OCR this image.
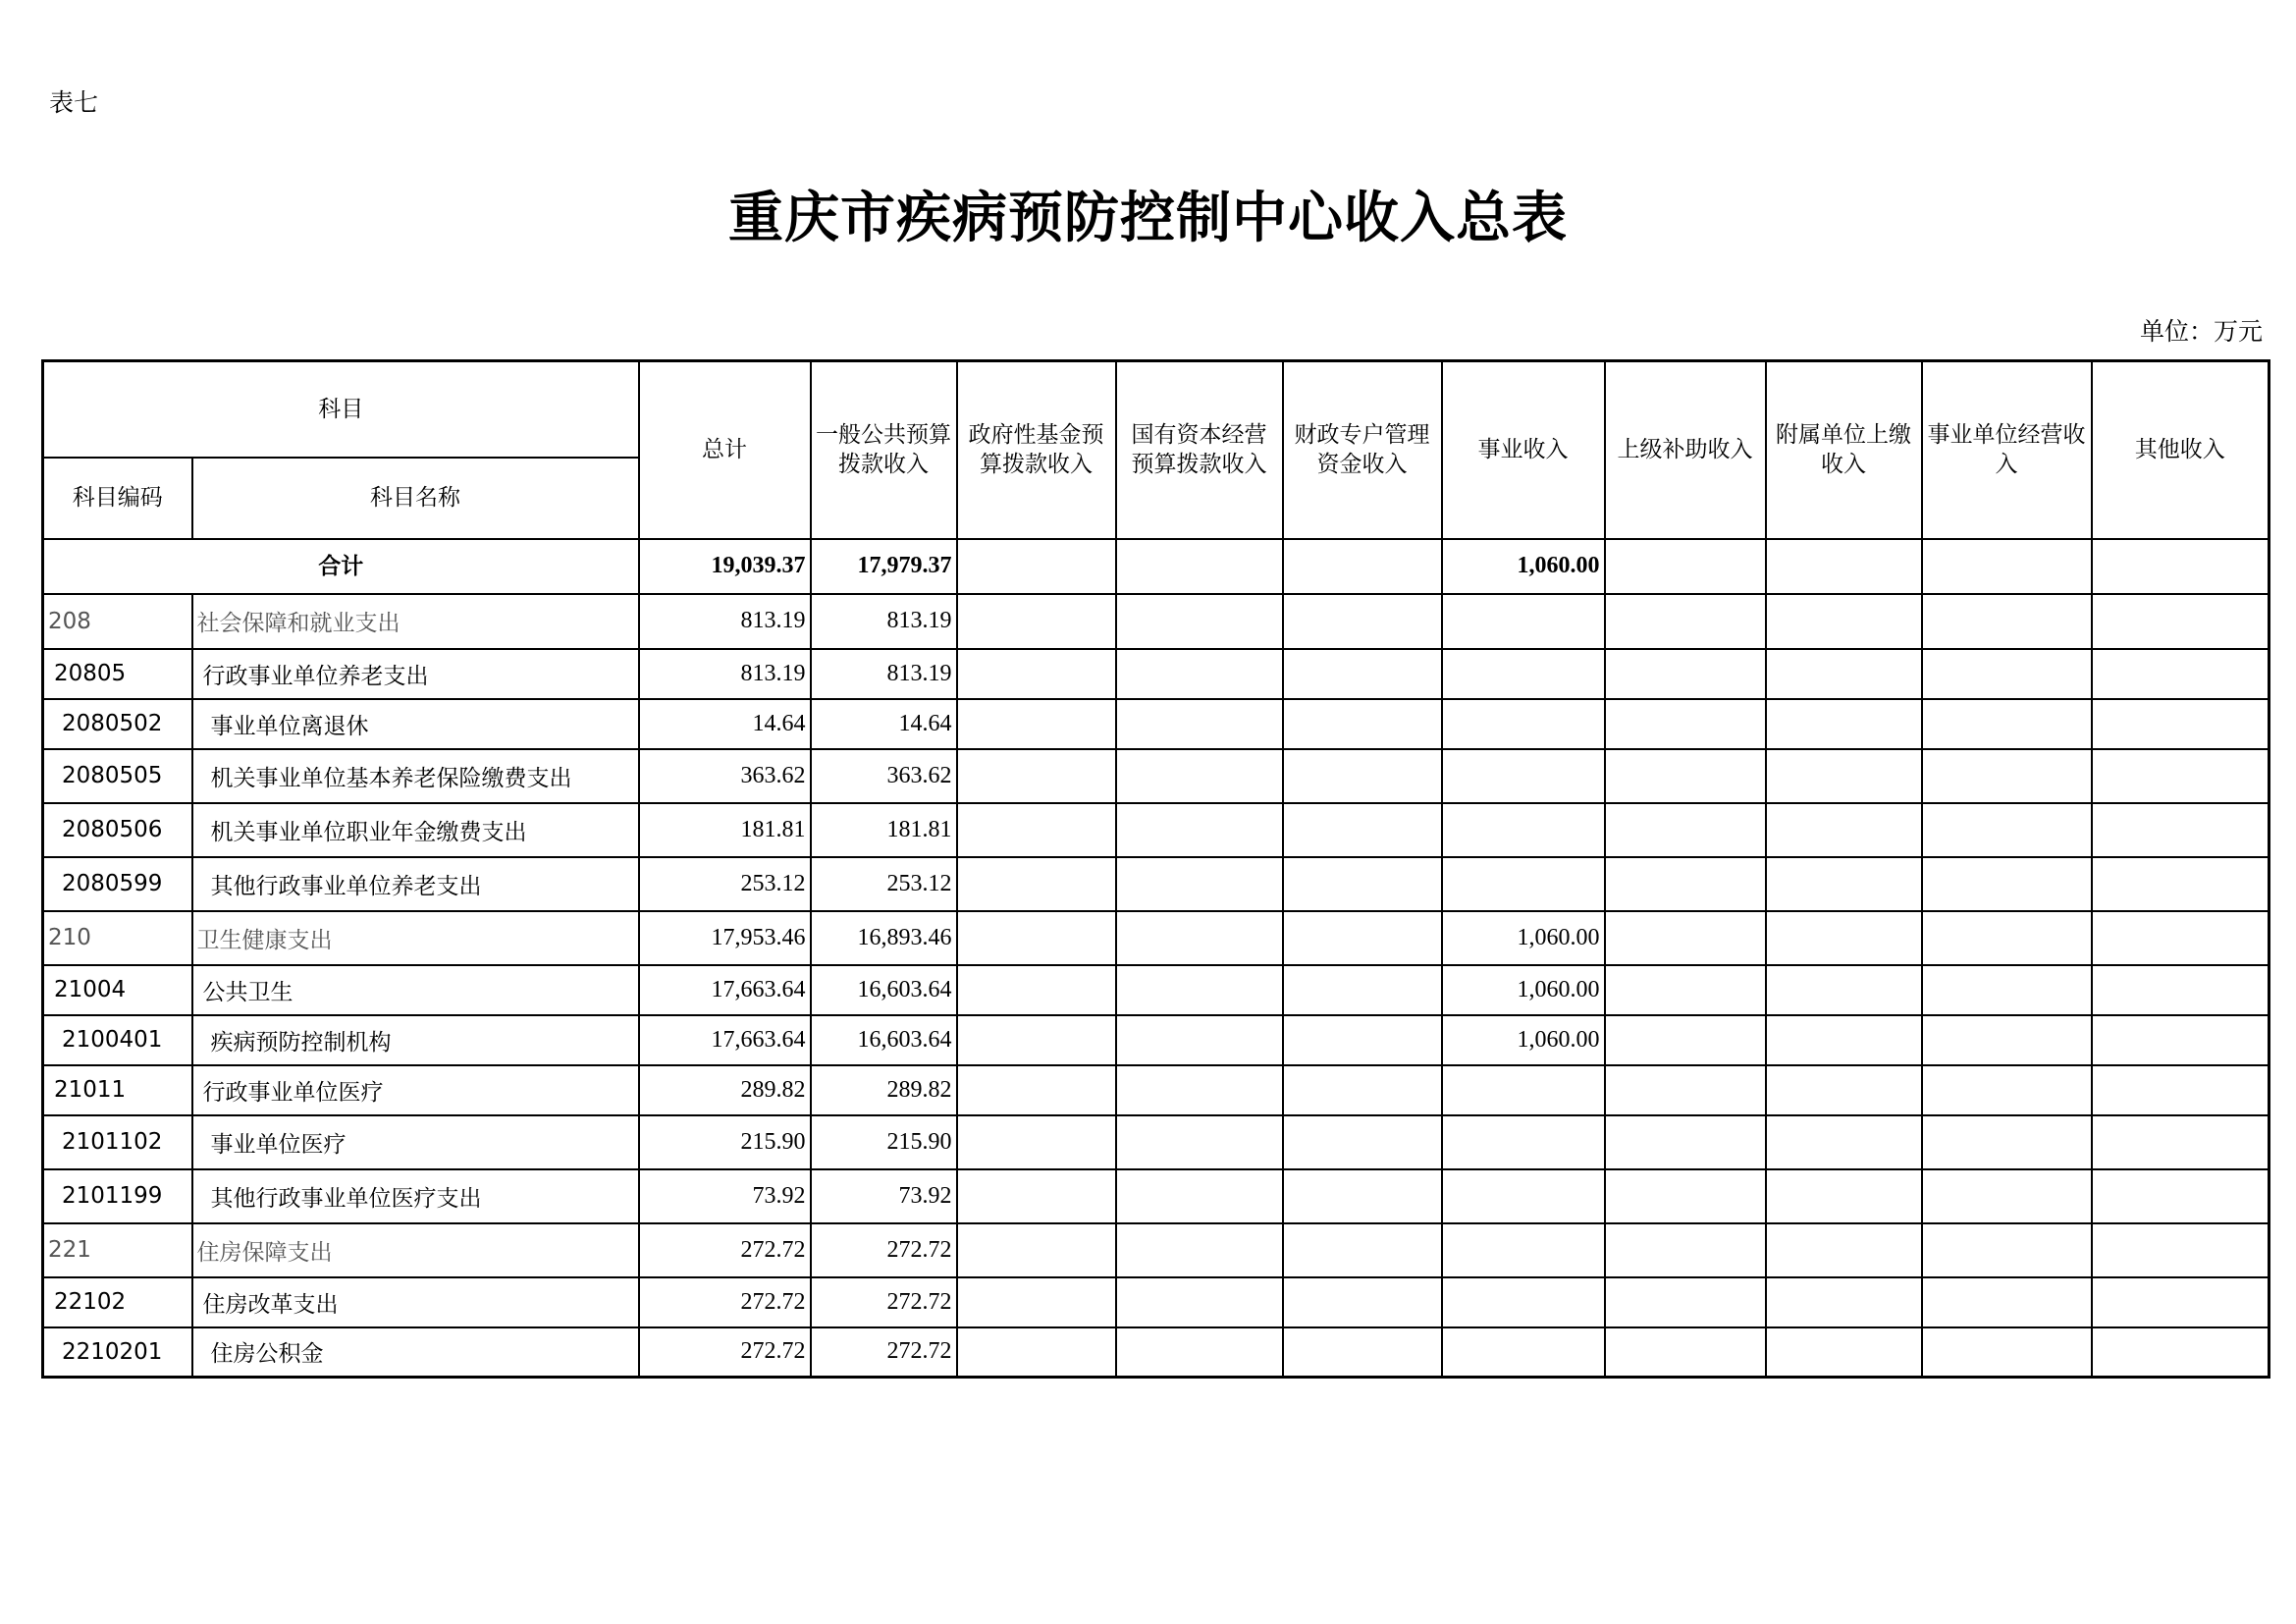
表七
重庆市疾病预防控制中心收入总表
单位：万元
科目		总计	一般公共预算拨款收入	政府性基金预算拨款收入	国有资本经营预算拨款收入	财政专户管理资金收入	事业收入	上级补助收入	附属单位上缴收入	事业单位经营收入	其他收入
科目编码	科目名称										
合计		19,039.37	17,979.37				1,060.00				
208	社会保障和就业支出	813.19	813.19								
20805	行政事业单位养老支出	813.19	813.19								
2080502	事业单位离退休	14.64	14.64								
2080505	机关事业单位基本养老保险缴费支出	363.62	363.62								
2080506	机关事业单位职业年金缴费支出	181.81	181.81								
2080599	其他行政事业单位养老支出	253.12	253.12								
210	卫生健康支出	17,953.46	16,893.46				1,060.00				
21004	公共卫生	17,663.64	16,603.64				1,060.00				
2100401	疾病预防控制机构	17,663.64	16,603.64				1,060.00				
21011	行政事业单位医疗	289.82	289.82								
2101102	事业单位医疗	215.90	215.90								
2101199	其他行政事业单位医疗支出	73.92	73.92								
221	住房保障支出	272.72	272.72								
22102	住房改革支出	272.72	272.72								
2210201	住房公积金	272.72	272.72								
